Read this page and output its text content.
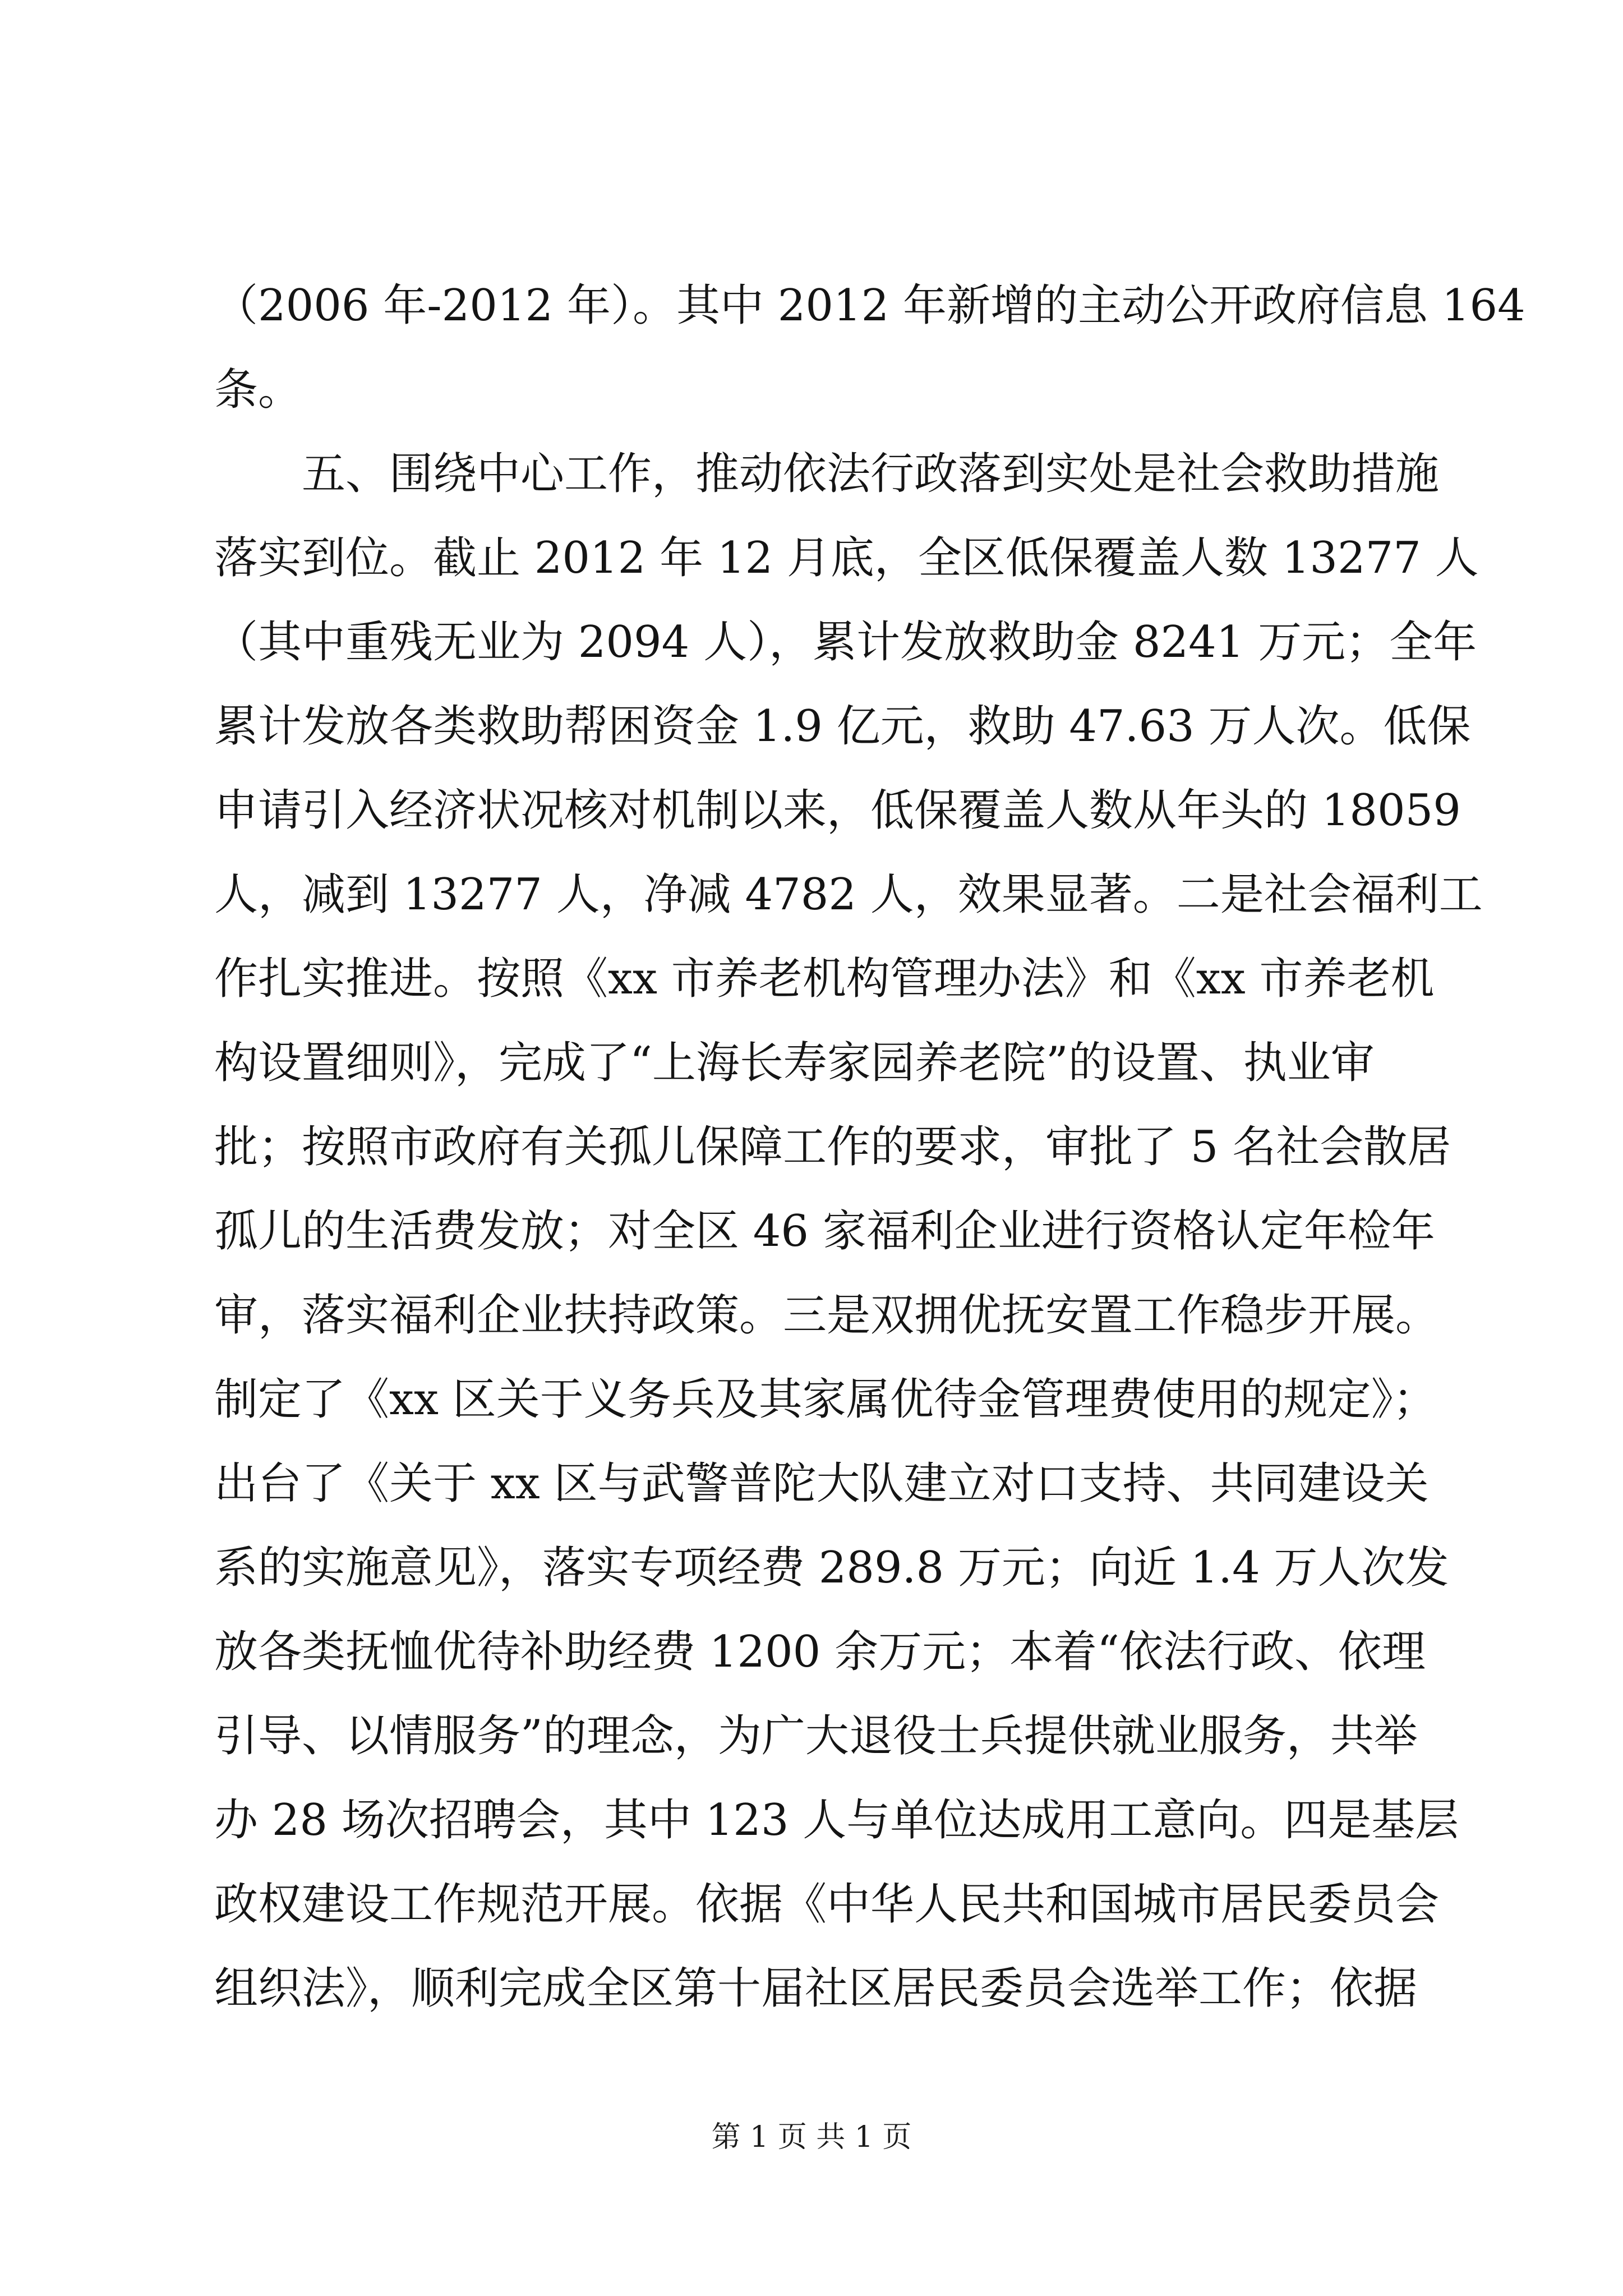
（2006 年-2012 年）。其中 2012 年新增的主动公开政府信息 164
条。
五、围绕中心工作，推动依法行政落到实处是社会救助措施
落实到位。截止 2012 年 12 月底，全区低保覆盖人数 13277 人
（其中重残无业为 2094 人），累计发放救助金 8241 万元；全年
累计发放各类救助帮困资金 1.9 亿元，救助 47.63 万人次。低保
申请引入经济状况核对机制以来，低保覆盖人数从年头的 18059
人，减到 13277 人，净减 4782 人，效果显著。二是社会福利工
作扎实推进。按照《xx 市养老机构管理办法》和《xx 市养老机
构设置细则》，完成了“上海长寿家园养老院”的设置、执业审
批；按照市政府有关孤儿保障工作的要求，审批了 5 名社会散居
孤儿的生活费发放；对全区 46 家福利企业进行资格认定年检年
审，落实福利企业扶持政策。三是双拥优抚安置工作稳步开展。
制定了《xx 区关于义务兵及其家属优待金管理费使用的规定》；
出台了《关于 xx 区与武警普陀大队建立对口支持、共同建设关
系的实施意见》，落实专项经费 289.8 万元；向近 1.4 万人次发
放各类抚恤优待补助经费 1200 余万元；本着“依法行政、依理
引导、以情服务”的理念，为广大退役士兵提供就业服务，共举
办 28 场次招聘会，其中 123 人与单位达成用工意向。四是基层
政权建设工作规范开展。依据《中华人民共和国城市居民委员会
组织法》，顺利完成全区第十届社区居民委员会选举工作；依据
第 1 页 共 1 页
